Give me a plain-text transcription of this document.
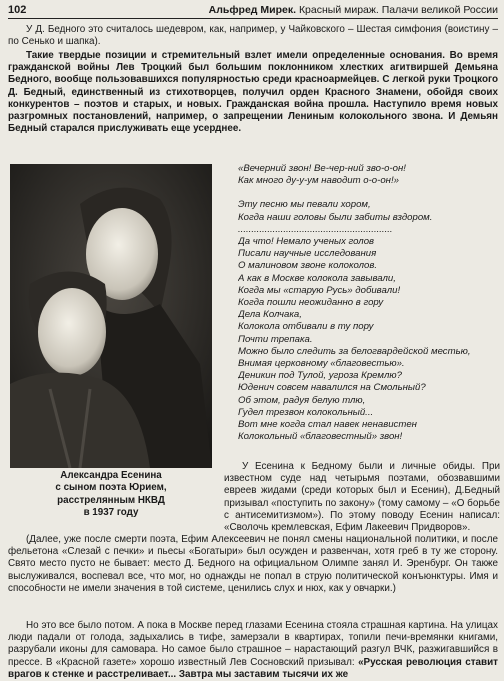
102	Альфред Мирек. Красный мираж. Палачи великой России

У Д. Бедного это считалось шедевром, как, например, у Чайковского – Шестая симфония (воистину – по Сенько и шапка).

Такие твердые позиции и стремительный взлет имели определенные основания. Во время гражданской войны Лев Троцкий был большим поклонником хлестких агитвиршей Демьяна Бедного, вообще пользовавшихся популярностью среди красноармейцев. С легкой руки Троцкого Д. Бедный, единственный из стихотворцев, получил орден Красного Знамени, обойдя своих конкурентов – поэтов и старых, и новых. Гражданская война прошла. Наступило время новых разгромных постановлений, например, о запрещении Лениным колокольного звона. И Демьян Бедный старался прислуживать еще усерднее.

Александра Есенина
с сыном поэта Юрием,
расстрелянным НКВД
в 1937 году
«Вечерний звон! Ве-чер-ний зво-о-он!
Как много ду-у-ум наводит о-о-он!»
Эту песню мы певали хором,
Когда наши головы были забиты вздором.
..........................................................
Да что! Немало ученых голов
Писали научные исследования
О малиновом звоне колоколов.
А как в Москве колокола завывали,
Когда мы «старую Русь» добивали!
Когда пошли неожиданно в гору
Дела Колчака,
Колокола отбивали в ту пору
Почти трепака.
Можно было следить за белогвардейской местью,
Внимая церковному «благовестью».
Деникин под Тулой, угроза Кремлю?
Юденич совсем навалился на Смольный?
Об этом, радуя белую тлю,
Гудел трезвон колокольный...
Вот мне когда стал навек ненавистен
Колокольный «благовестный» звон!

У Есенина к Бедному были и личные обиды. При известном суде над четырьмя поэтами, обозвавшими евреев жидами (среди которых был и Есенин), Д.Бедный призывал «поступить по закону» (тому самому – «О борьбе с антисемитизмом»). По этому поводу Есенин написал: «Сволочь кремлевская, Ефим Лакеевич Придворов».

(Далее, уже после смерти поэта, Ефим Алексеевич не понял смены национальной политики, и после фельетона «Слезай с печки» и пьесы «Богатыри» был осужден и развенчан, хотя греб в ту же сторону. Свято место пусто не бывает: место Д. Бедного на официальном Олимпе занял И. Эренбург. Он также выслуживался, воспевал все, что мог, но однажды не попал в струю политической конъюнктуры. Имя и способности не имели значения в той системе, ценились слух и нюх, как у овчарки.)

Но это все было потом. А пока в Москве перед глазами Есенина стояла страшная картина. На улицах люди падали от голода, задыхались в тифе, замерзали в квартирах, топили печи-времянки книгами, разрубали иконы для самовара. Но самое было страшное – нарастающий разгул ВЧК, разжигавшийся в прессе. В «Красной газете» хорошо известный Лев Сосновский призывал: «Русская революция ставит врагов к стенке и расстреливает... Завтра мы заставим тысячи их же
